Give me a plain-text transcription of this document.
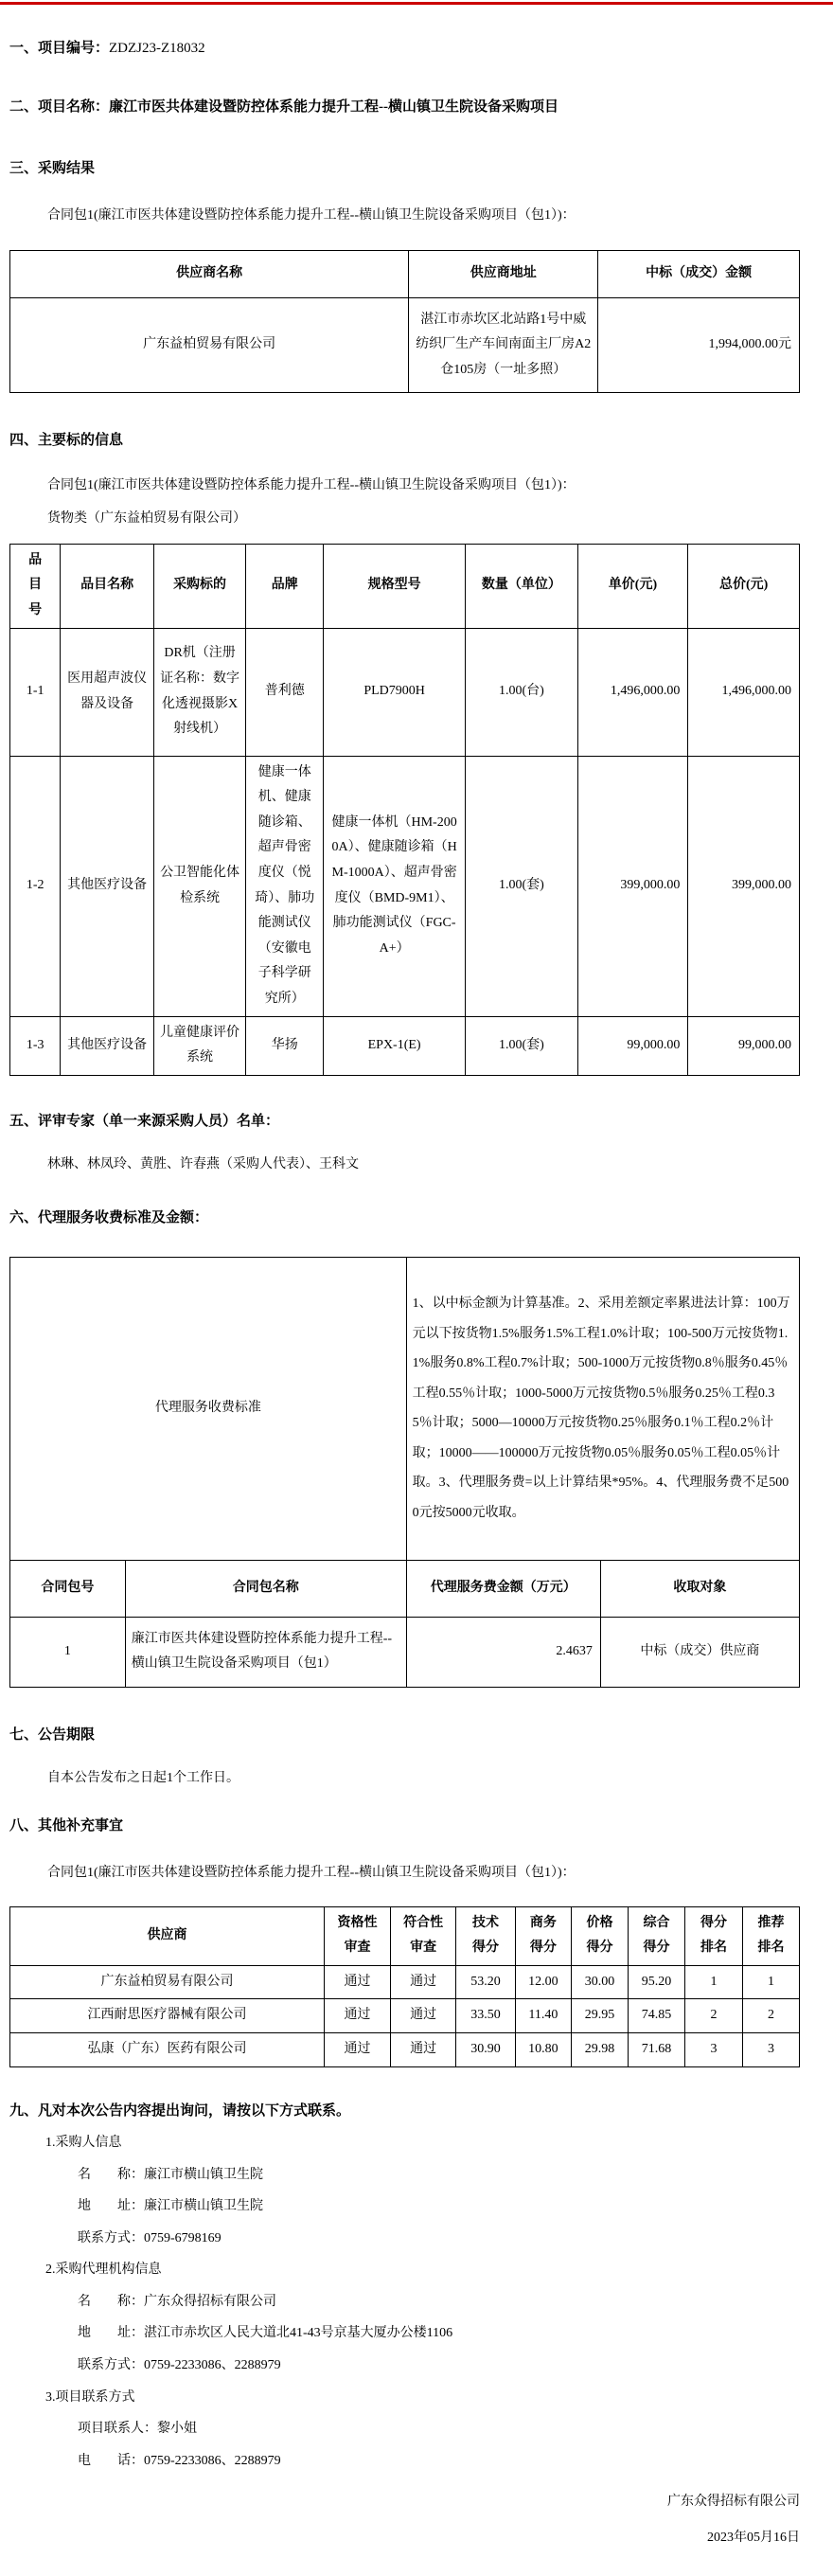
一、项目编号：ZDZJ23-Z18032
二、项目名称：廉江市医共体建设暨防控体系能力提升工程--横山镇卫生院设备采购项目
三、采购结果
合同包1(廉江市医共体建设暨防控体系能力提升工程--横山镇卫生院设备采购项目（包1）)：
供应商名称	供应商地址	中标（成交）金额
广东益柏贸易有限公司	湛江市赤坎区北站路1号中威纺织厂生产车间南面主厂房A2仓105房（一址多照）	1,994,000.00元
四、主要标的信息
合同包1(廉江市医共体建设暨防控体系能力提升工程--横山镇卫生院设备采购项目（包1）)：
货物类（广东益柏贸易有限公司）
品目号	品目名称	采购标的	品牌	规格型号	数量（单位）	单价(元)	总价(元)
1-1	医用超声波仪器及设备	DR机（注册证名称：数字化透视摄影X射线机）	普利德	PLD7900H	1.00(台)	1,496,000.00	1,496,000.00
1-2	其他医疗设备	公卫智能化体检系统	健康一体机、健康随诊箱、超声骨密度仪（悦琦）、肺功能测试仪（安徽电子科学研究所）	健康一体机（HM-2000A）、健康随诊箱（HM-1000A）、超声骨密度仪（BMD-9M1）、肺功能测试仪（FGC-A+）	1.00(套)	399,000.00	399,000.00
1-3	其他医疗设备	儿童健康评价系统	华扬	EPX-1(E)	1.00(套)	99,000.00	99,000.00
五、评审专家（单一来源采购人员）名单：
林琳、林凤玲、黄胜、许春燕（采购人代表）、王科文
六、代理服务收费标准及金额：
代理服务收费标准		1、以中标金额为计算基准。2、采用差额定率累进法计算：100万元以下按货物1.5%服务1.5%工程1.0%计取；100-500万元按货物1.1%服务0.8%工程0.7%计取；500-1000万元按货物0.8％服务0.45％工程0.55％计取；1000-5000万元按货物0.5％服务0.25％工程0.35％计取；5000—10000万元按货物0.25％服务0.1％工程0.2％计取；10000——100000万元按货物0.05％服务0.05％工程0.05％计取。3、代理服务费=以上计算结果*95%。4、代理服务费不足5000元按5000元收取。	
合同包号	合同包名称	代理服务费金额（万元）	收取对象
1	廉江市医共体建设暨防控体系能力提升工程--横山镇卫生院设备采购项目（包1）	2.4637	中标（成交）供应商
七、公告期限
自本公告发布之日起1个工作日。
八、其他补充事宜
合同包1(廉江市医共体建设暨防控体系能力提升工程--横山镇卫生院设备采购项目（包1）)：
供应商	资格性审查	符合性审查	技术得分	商务得分	价格得分	综合得分	得分排名	推荐排名

广东益柏贸易有限公司	通过	通过	53.20	12.00	30.00	95.20	1	1
江西耐思医疗器械有限公司	通过	通过	33.50	11.40	29.95	74.85	2	2
弘康（广东）医药有限公司	通过	通过	30.90	10.80	29.98	71.68	3	3
九、凡对本次公告内容提出询问，请按以下方式联系。
1.采购人信息
名　　称：廉江市横山镇卫生院
地　　址：廉江市横山镇卫生院
联系方式：0759-6798169
2.采购代理机构信息
名　　称：广东众得招标有限公司
地　　址：湛江市赤坎区人民大道北41-43号京基大厦办公楼1106
联系方式：0759-2233086、2288979
3.项目联系方式
项目联系人：黎小姐
电　　话：0759-2233086、2288979
广东众得招标有限公司
2023年05月16日
